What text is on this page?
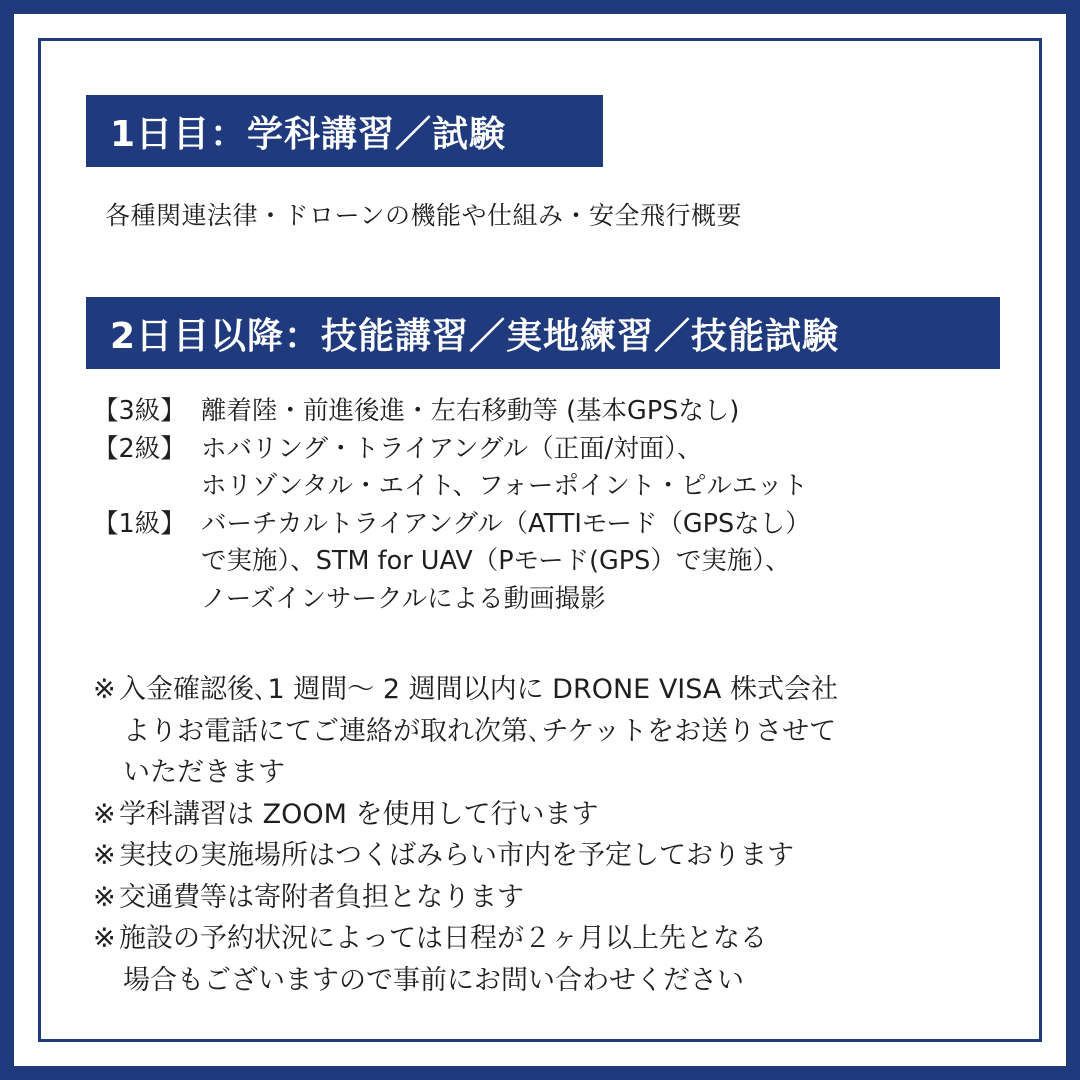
1日目：学科講習／試験
各種関連法律・ドローンの機能や仕組み・安全飛行概要
2日目以降：技能講習／実地練習／技能試験
【3級】 離着陸・前進後進・左右移動等 (基本GPSなし)
【2級】 ホバリング・トライアングル（正面/対面）、
ホリゾンタル・エイト、フォーポイント・ピルエット
【1級】 バーチカルトライアングル（ATTIモード（GPSなし）
で実施）、STM for UAV（Pモード(GPS）で実施）、
ノーズインサークルによる動画撮影
※ 入金確認後､1 週間～ 2 週間以内に DRONE VISA 株式会社
よりお電話にてご連絡が取れ次第､チケットをお送りさせて
いただきます
※ 学科講習は ZOOM を使用して行います
※ 実技の実施場所はつくばみらい市内を予定しております
※ 交通費等は寄附者負担となります
※ 施設の予約状況によっては日程が２ヶ月以上先となる
場合もございますので事前にお問い合わせください
